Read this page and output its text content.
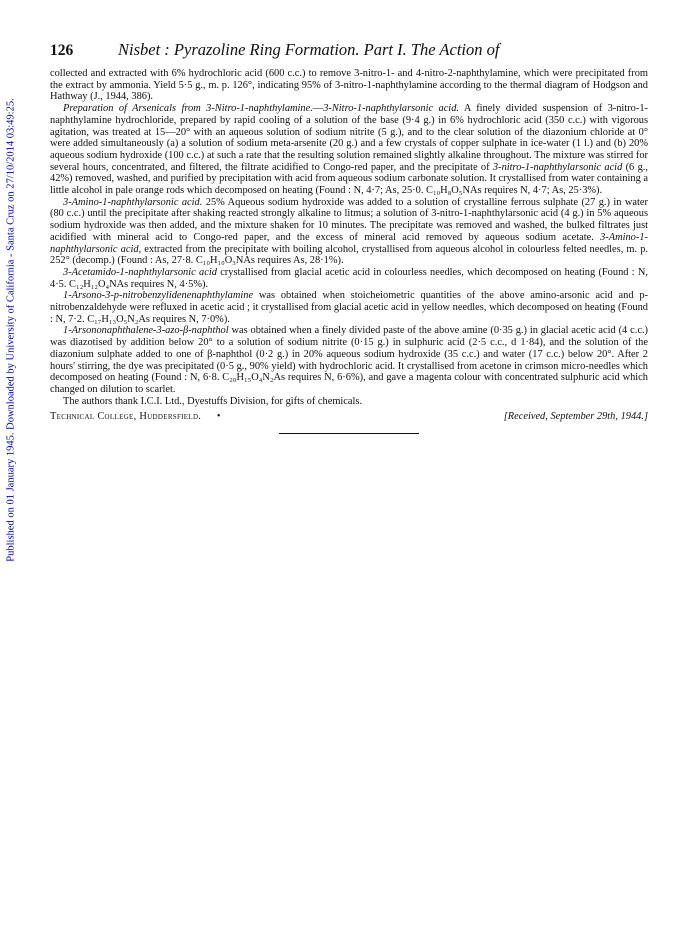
Published on 01 January 1945. Downloaded by University of California - Santa Cruz on 27/10/2014 03:49:25.
126	Nisbet : Pyrazoline Ring Formation. Part I. The Action of

collected and extracted with 6% hydrochloric acid (600 c.c.) to remove 3-nitro-1- and 4-nitro-2-naphthylamine, which were precipitated from the extract by ammonia. Yield 5·5 g., m. p. 126°, indicating 95% of 3-nitro-1-naphthylamine according to the thermal diagram of Hodgson and Hathway (J., 1944, 386).

Preparation of Arsenicals from 3-Nitro-1-naphthylamine.—3-Nitro-1-naphthylarsonic acid. A finely divided suspension of 3-nitro-1-naphthylamine hydrochloride, prepared by rapid cooling of a solution of the base (9·4 g.) in 6% hydrochloric acid (350 c.c.) with vigorous agitation, was treated at 15—20° with an aqueous solution of sodium nitrite (5 g.), and to the clear solution of the diazonium chloride at 0° were added simultaneously (a) a solution of sodium meta-arsenite (20 g.) and a few crystals of copper sulphate in ice-water (1 l.) and (b) 20% aqueous sodium hydroxide (100 c.c.) at such a rate that the resulting solution remained slightly alkaline throughout. The mixture was stirred for several hours, concentrated, and filtered, the filtrate acidified to Congo-red paper, and the precipitate of 3-nitro-1-naphthylarsonic acid (6 g., 42%) removed, washed, and purified by precipitation with acid from aqueous sodium carbonate solution. It crystallised from water containing a little alcohol in pale orange rods which decomposed on heating (Found : N, 4·7; As, 25·0. C₁₀H₈O₅NAs requires N, 4·7; As, 25·3%).

3-Amino-1-naphthylarsonic acid. 25% Aqueous sodium hydroxide was added to a solution of crystalline ferrous sulphate (27 g.) in water (80 c.c.) until the precipitate after shaking reacted strongly alkaline to litmus; a solution of 3-nitro-1-naphthylarsonic acid (4 g.) in 5% aqueous sodium hydroxide was then added, and the mixture shaken for 10 minutes. The precipitate was removed and washed, the bulked filtrates just acidified with mineral acid to Congo-red paper, and the excess of mineral acid removed by aqueous sodium acetate. 3-Amino-1-naphthylarsonic acid, extracted from the precipitate with boiling alcohol, crystallised from aqueous alcohol in colourless felted needles, m. p. 252° (decomp.) (Found : As, 27·8. C₁₀H₁₀O₃NAs requires As, 28·1%).

3-Acetamido-1-naphthylarsonic acid crystallised from glacial acetic acid in colourless needles, which decomposed on heating (Found : N, 4·5. C₁₂H₁₂O₄NAs requires N, 4·5%).

1-Arsono-3-p-nitrobenzylidenenaphthylamine was obtained when stoicheiometric quantities of the above amino-arsonic acid and p-nitrobenzaldehyde were refluxed in acetic acid ; it crystallised from glacial acetic acid in yellow needles, which decomposed on heating (Found : N, 7·2. C₁₇H₁₃O₅N₂As requires N, 7·0%).

1-Arsononaphthalene-3-azo-β-naphthol was obtained when a finely divided paste of the above amine (0·35 g.) in glacial acetic acid (4 c.c.) was diazotised by addition below 20° to a solution of sodium nitrite (0·15 g.) in sulphuric acid (2·5 c.c., d 1·84), and the solution of the diazonium sulphate added to one of β-naphthol (0·2 g.) in 20% aqueous sodium hydroxide (35 c.c.) and water (17 c.c.) below 20°. After 2 hours' stirring, the dye was precipitated (0·5 g., 90% yield) with hydrochloric acid. It crystallised from acetone in crimson micro-needles which decomposed on heating (Found : N, 6·8. C₂₀H₁₅O₄N₂As requires N, 6·6%), and gave a magenta colour with concentrated sulphuric acid which changed on dilution to scarlet.

The authors thank I.C.I. Ltd., Dyestuffs Division, for gifts of chemicals.

Technical College, Huddersfield. •	[Received, September 29th, 1944.]
